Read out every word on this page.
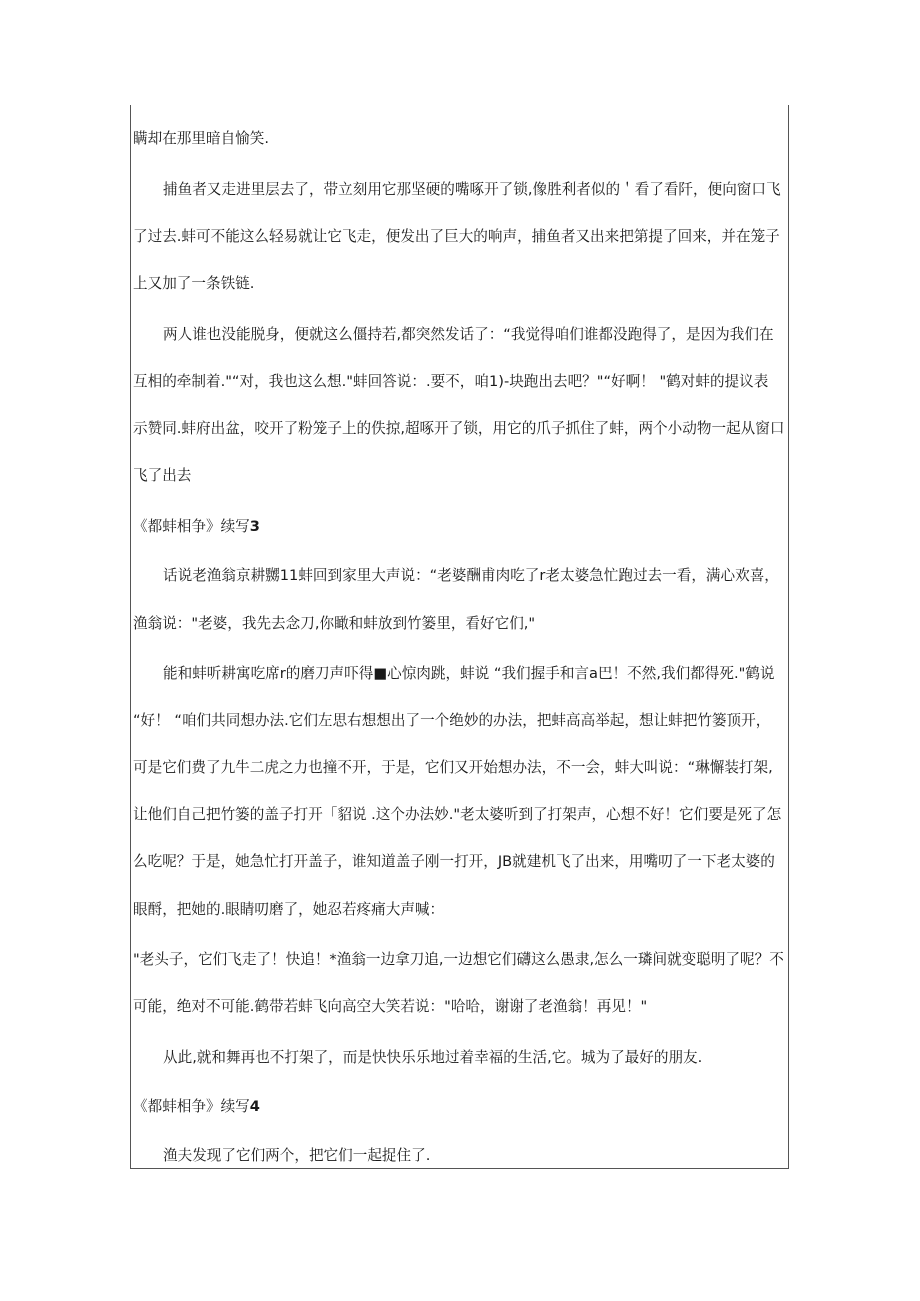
瞒却在那里暗自愉笑.
捕鱼者又走进里层去了，带立刻用它那坚硬的嘴啄开了锁,像胜利者似的＇看了看阡，便向窗口飞
了过去.蚌可不能这么轻易就让它飞走，便发出了巨大的响声，捕鱼者又出来把第提了回来，并在笼子
上又加了一条铁链.
两人谁也没能脱身，便就这么僵持若,都突然发话了：“我觉得咱们谁都没跑得了，是因为我们在
互相的牵制着."“对，我也这么想."蚌回答说：.要不，咱1)-块跑出去吧？"“好啊！ "鹤对蚌的提议表
示赞同.蚌府出盆，咬开了粉笼子上的佚掠,超啄开了锁，用它的爪子抓住了蚌，两个小动物一起从窗口
飞了出去
《都蚌相争》续写3
话说老渔翁京耕嬲11蚌回到家里大声说：“老婆酬甫肉吃了r老太婆急忙跑过去一看，满心欢喜，
渔翁说："老婆，我先去念刀,你瞰和蚌放到竹篓里，看好它们,"
能和蚌听耕寓吃席r的磨刀声吓得■心惊肉跳，蚌说 “我们握手和言a巴！不然,我们都得死."鹤说
“好！ “咱们共同想办法.它们左思右想想出了一个绝妙的办法，把蚌高高举起，想让蚌把竹篓顶开，
可是它们费了九牛二虎之力也撞不开，于是，它们又开始想办法，不一会，蚌大叫说：“琳懈装打架,
让他们自己把竹篓的盖子打开「貂说 .这个办法妙."老太婆听到了打架声，心想不好！它们要是死了怎
么吃呢？于是，她急忙打开盖子，谁知道盖子刚一打开，JB就建机飞了出来，用嘴叨了一下老太婆的
眼酹，把她的.眼睛叨磨了，她忍若疼痛大声喊：
"老头子，它们飞走了！快追！*渔翁一边拿刀追,一边想它们礴这么愚隶,怎么一璘间就变聪明了呢？不
可能，绝对不可能.鹤带若蚌飞向高空大笑若说："哈哈，谢谢了老渔翁！再见！"
从此,就和舞再也不打架了，而是快快乐乐地过着幸福的生活,它。城为了最好的朋友.
《都蚌相争》续写4
渔夫发现了它们两个，把它们一起捉住了.
